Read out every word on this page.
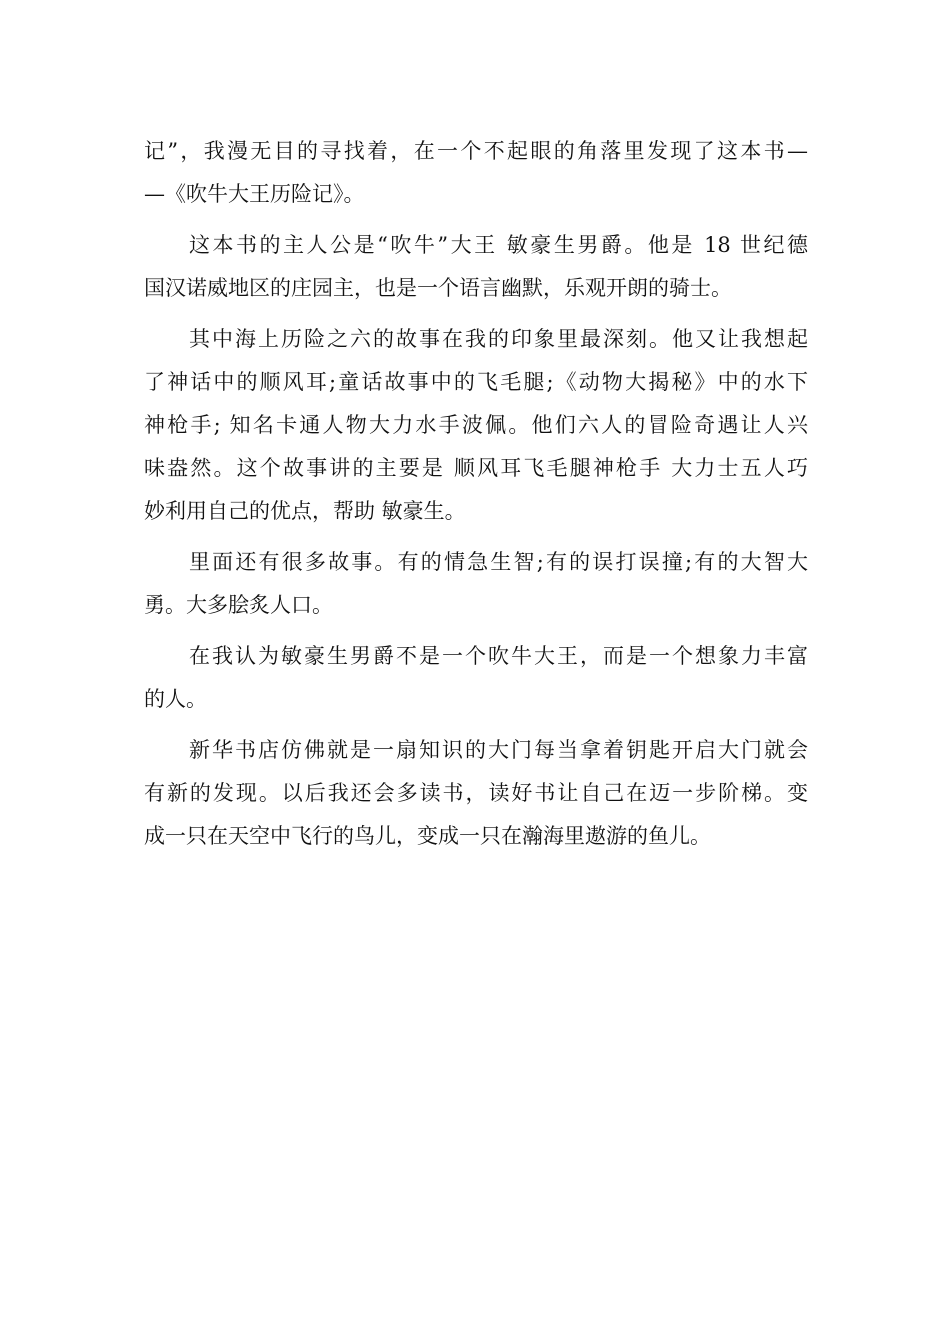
记”，我漫无目的寻找着，在一个不起眼的角落里发现了这本书—
—《吹牛大王历险记》。
这本书的主人公是“吹牛”大王 敏豪生男爵。他是 18 世纪德
国汉诺威地区的庄园主，也是一个语言幽默，乐观开朗的骑士。
其中海上历险之六的故事在我的印象里最深刻。他又让我想起
了神话中的顺风耳;童话故事中的飞毛腿;《动物大揭秘》中的水下
神枪手; 知名卡通人物大力水手波佩。他们六人的冒险奇遇让人兴
味盎然。这个故事讲的主要是 顺风耳飞毛腿神枪手 大力士五人巧
妙利用自己的优点，帮助 敏豪生。
里面还有很多故事。有的情急生智;有的误打误撞;有的大智大
勇。大多脍炙人口。
在我认为敏豪生男爵不是一个吹牛大王，而是一个想象力丰富
的人。
新华书店仿佛就是一扇知识的大门每当拿着钥匙开启大门就会
有新的发现。以后我还会多读书，读好书让自己在迈一步阶梯。变
成一只在天空中飞行的鸟儿，变成一只在瀚海里遨游的鱼儿。
